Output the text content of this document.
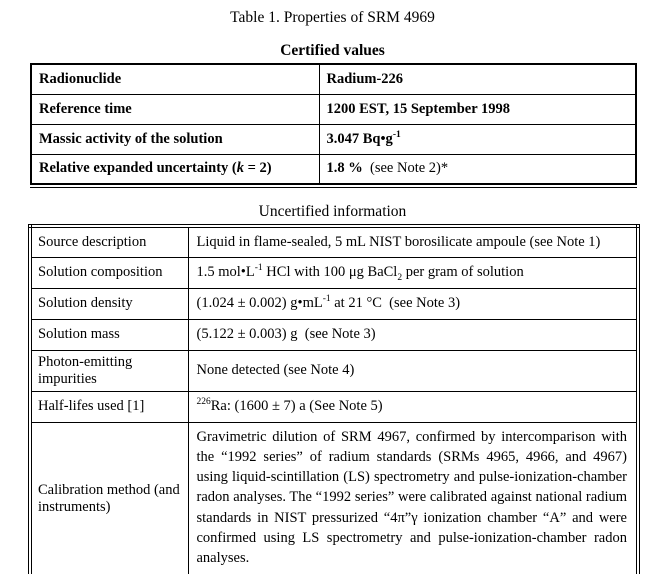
Table 1. Properties of SRM 4969
Certified values
Radionuclide	Radium-226
Reference time	1200 EST, 15 September 1998
Massic activity of the solution	3.047 $Bq•g^{-1}$
Relative expanded uncertainty (k = 2)	1.8 %  (see Note 2)*
Uncertified information
Source description	Liquid in flame-sealed, 5 mL NIST borosilicate ampoule (see Note 1)
Solution composition	1.5 $mol•L^{-1}$ HCl with 100 μg BaCl$_2$ per gram of solution
Solution density	(1.024 ± 0.002) $g•mL^{-1}$ at 21 °C  (see Note 3)
Solution mass	(5.122 ± 0.003) g  (see Note 3)
Photon-emitting impurities	None detected (see Note 4)
Half-lifes used [1]	$^{226}$Ra: (1600 ± 7) a (See Note 5)
Calibration method (and instruments)	Gravimetric dilution of SRM 4967, confirmed by intercomparison with the “1992 series” of radium standards (SRMs 4965, 4966, and 4967) using liquid-scintillation (LS) spectrometry and pulse-ionization-chamber radon analyses. The “1992 series” were calibrated against national radium standards in NIST pressurized “4π”γ ionization chamber “A” and were confirmed using LS spectrometry and pulse-ionization-chamber radon analyses.
